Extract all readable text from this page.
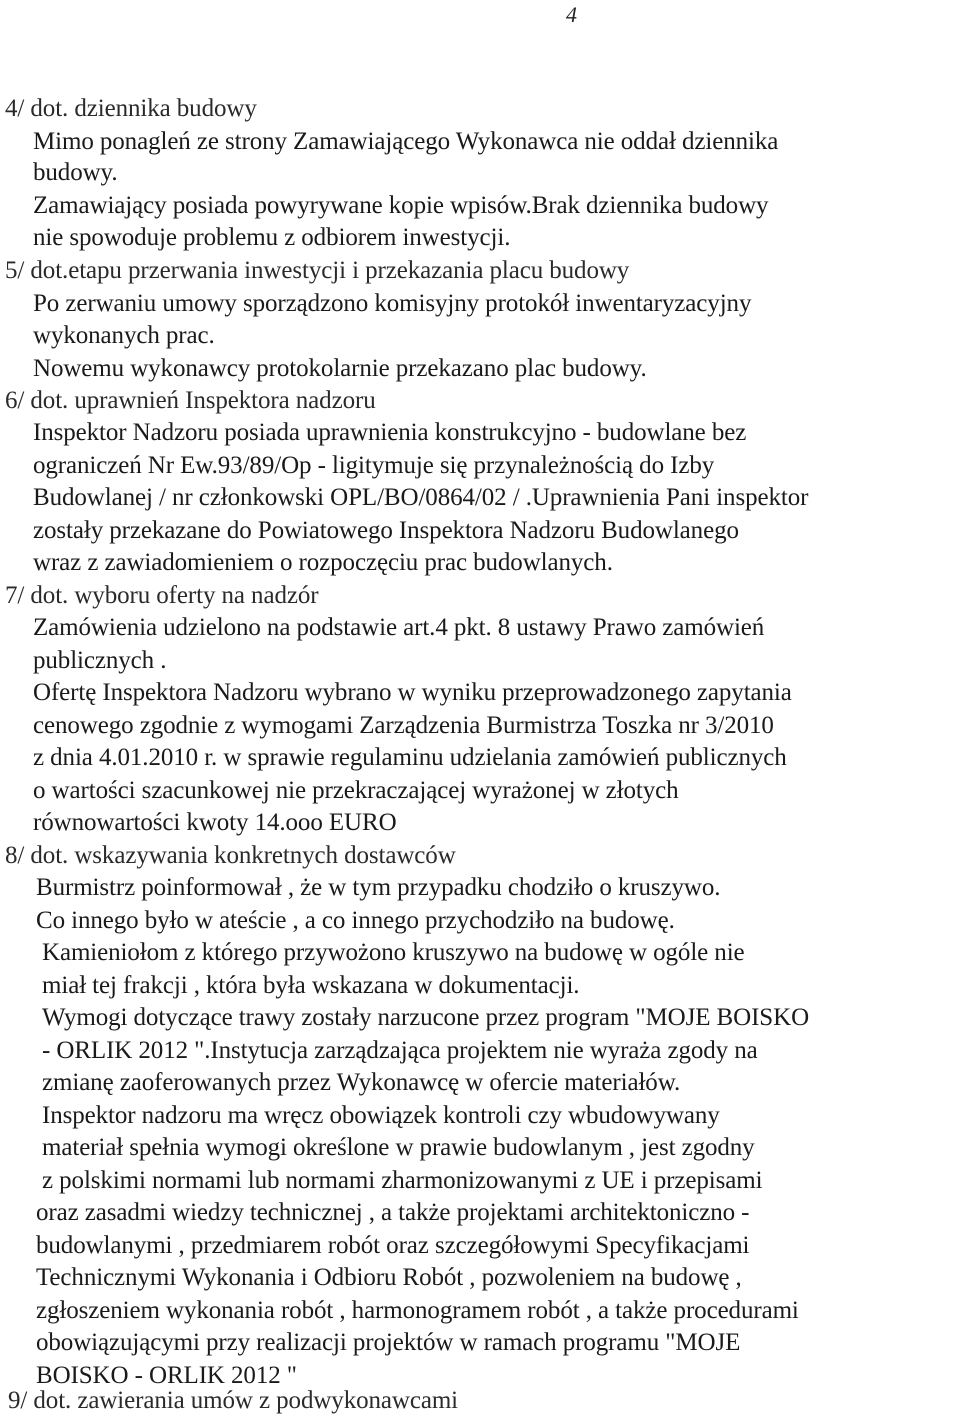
4
4/ dot. dziennika budowy
Mimo ponagleń ze strony Zamawiającego Wykonawca nie oddał dziennika
budowy.
Zamawiający posiada powyrywane kopie wpisów.Brak dziennika budowy
nie spowoduje problemu z odbiorem inwestycji.
5/ dot.etapu przerwania inwestycji i przekazania placu budowy
Po zerwaniu umowy sporządzono komisyjny protokół inwentaryzacyjny
wykonanych prac.
Nowemu wykonawcy protokolarnie przekazano plac budowy.
6/ dot. uprawnień Inspektora nadzoru
Inspektor Nadzoru posiada uprawnienia konstrukcyjno - budowlane bez
ograniczeń Nr Ew.93/89/Op - ligitymuje się przynależnością do Izby
Budowlanej / nr członkowski OPL/BO/0864/02 / .Uprawnienia Pani inspektor
zostały przekazane do Powiatowego Inspektora Nadzoru Budowlanego
wraz z zawiadomieniem o rozpoczęciu prac budowlanych.
7/ dot. wyboru oferty na nadzór
Zamówienia udzielono na podstawie art.4 pkt. 8 ustawy Prawo zamówień
publicznych .
Ofertę Inspektora Nadzoru wybrano w wyniku przeprowadzonego zapytania
cenowego zgodnie z wymogami Zarządzenia Burmistrza Toszka nr 3/2010
z dnia 4.01.2010 r. w sprawie regulaminu udzielania zamówień publicznych
o wartości szacunkowej nie przekraczającej wyrażonej w złotych
równowartości kwoty 14.ooo EURO
8/ dot. wskazywania konkretnych dostawców
Burmistrz poinformował , że w tym przypadku chodziło o kruszywo.
Co innego było w ateście , a co innego przychodziło na budowę.
Kamieniołom z którego przywożono kruszywo na budowę w ogóle nie
miał tej frakcji , która była wskazana w dokumentacji.
Wymogi dotyczące trawy zostały narzucone przez program "MOJE BOISKO
- ORLIK 2012 ".Instytucja zarządzająca projektem nie wyraża zgody na
zmianę zaoferowanych przez Wykonawcę w ofercie materiałów.
Inspektor nadzoru ma wręcz obowiązek kontroli czy wbudowywany
materiał spełnia wymogi określone w prawie budowlanym , jest zgodny
z polskimi normami lub normami zharmonizowanymi z UE i przepisami
oraz zasadmi wiedzy technicznej , a także projektami architektoniczno -
budowlanymi , przedmiarem robót oraz szczegółowymi Specyfikacjami
Technicznymi Wykonania i Odbioru Robót , pozwoleniem na budowę ,
zgłoszeniem wykonania robót , harmonogramem robót , a także procedurami
obowiązującymi przy realizacji projektów w ramach programu "MOJE
BOISKO - ORLIK 2012 "
9/ dot. zawierania umów z podwykonawcami
